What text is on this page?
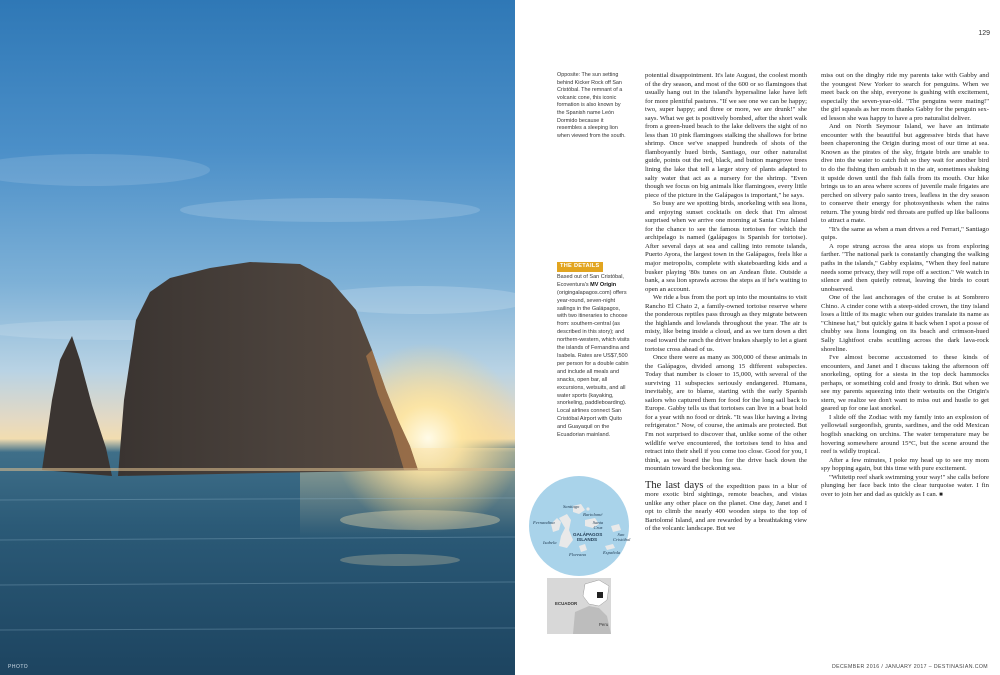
PHOTO
129
Opposite: The sun setting behind Kicker Rock off San Cristóbal. The remnant of a volcanic cone, this iconic formation is also known by the Spanish name León Dormido because it resembles a sleeping lion when viewed from the south.
THE DETAILS
Based out of San Cristóbal, Ecoventura's MV Origin (origingalapagos.com) offers year-round, seven-night sailings in the Galápagos, with two itineraries to choose from: southern-central (as described in this story); and northern-western, which visits the islands of Fernandina and Isabela. Rates are US$7,500 per person for a double cabin and include all meals and snacks, open bar, all excursions, wetsuits, and all water sports (kayaking, snorkeling, paddleboarding). Local airlines connect San Cristóbal Airport with Quito and Guayaquil on the Ecuadorian mainland.
Santiago
Bartolomé
Fernandina	Santa Cruz
GALÁPAGOS ISLANDS
Isabela
San Cristóbal
Floreana	Española
ECUADOR
Peru

potential disappointment. It's late August, the coolest month of the dry season, and most of the 600 or so flamingoes that usually hang out in the island's hypersaline lake have left for more plentiful pastures. "If we see one we can be happy; two, super happy; and three or more, we are drunk!" she says. What we get is positively bombed, after the short walk from a green-hued beach to the lake delivers the sight of no less than 10 pink flamingoes stalking the shallows for brine shrimp. Once we've snapped hundreds of shots of the flamboyantly hued birds, Santiago, our other naturalist guide, points out the red, black, and button mangrove trees lining the lake that tell a larger story of plants adapted to salty water that act as a nursery for the shrimp. "Even though we focus on big animals like flamingoes, every little piece of the picture in the Galápagos is important," he says.

So busy are we spotting birds, snorkeling with sea lions, and enjoying sunset cocktails on deck that I'm almost surprised when we arrive one morning at Santa Cruz Island for the chance to see the famous tortoises for which the archipelago is named (galápagos is Spanish for tortoise). After several days at sea and calling into remote islands, Puerto Ayora, the largest town in the Galápagos, feels like a major metropolis, complete with skateboarding kids and a busker playing '80s tunes on an Andean flute. Outside a bank, a sea lion sprawls across the steps as if he's waiting to open an account.

We ride a bus from the port up into the mountains to visit Rancho El Chato 2, a family-owned tortoise reserve where the ponderous reptiles pass through as they migrate between the highlands and lowlands throughout the year. The air is misty, like being inside a cloud, and as we turn down a dirt road toward the ranch the driver brakes sharply to let a giant tortoise cross ahead of us.

Once there were as many as 300,000 of these animals in the Galápagos, divided among 15 different subspecies. Today that number is closer to 15,000, with several of the surviving 11 subspecies seriously endangered. Humans, inevitably, are to blame, starting with the early Spanish sailors who captured them for food for the long sail back to Europe. Gabby tells us that tortoises can live in a boat hold for a year with no food or drink. "It was like having a living refrigerator." Now, of course, the animals are protected. But I'm not surprised to discover that, unlike some of the other wildlife we've encountered, the tortoises tend to hiss and retract into their shell if you come too close. Good for you, I think, as we board the bus for the drive back down the mountain toward the beckoning sea.

The last days of the expedition pass in a blur of more exotic bird sightings, remote beaches, and vistas unlike any other place on the planet. One day, Janet and I opt to climb the nearly 400 wooden steps to the top of Bartolomé Island, and are rewarded by a breathtaking view of the volcanic landscape. But we

miss out on the dinghy ride my parents take with Gabby and the youngest New Yorker to search for penguins. When we meet back on the ship, everyone is gushing with excitement, especially the seven-year-old. "The penguins were mating!" the girl squeals as her mom thanks Gabby for the penguin sex-ed lesson she was happy to have a pro naturalist deliver.

And on North Seymour Island, we have an intimate encounter with the beautiful but aggressive birds that have been chaperoning the Origin during most of our time at sea. Known as the pirates of the sky, frigate birds are unable to dive into the water to catch fish so they wait for another bird to do the fishing then ambush it in the air, sometimes shaking it upside down until the fish falls from its mouth. Our hike brings us to an area where scores of juvenile male frigates are perched on silvery palo santo trees, leafless in the dry season to conserve their energy for photosynthesis when the rains return. The young birds' red throats are puffed up like balloons to attract a mate.

"It's the same as when a man drives a red Ferrari," Santiago quips.

A rope strung across the area stops us from exploring farther. "The national park is constantly changing the walking paths in the islands," Gabby explains, "When they feel nature needs some privacy, they will rope off a section." We watch in silence and then quietly retreat, leaving the birds to court unobserved.

One of the last anchorages of the cruise is at Sombrero Chino. A cinder cone with a steep-sided crown, the tiny island loses a little of its magic when our guides translate its name as "Chinese hat," but quickly gains it back when I spot a posse of chubby sea lions lounging on its beach and crimson-hued Sally Lightfoot crabs scuttling across the dark lava-rock shoreline.

I've almost become accustomed to these kinds of encounters, and Janet and I discuss taking the afternoon off snorkeling, opting for a siesta in the top deck hammocks perhaps, or something cold and frosty to drink. But when we see my parents squeezing into their wetsuits on the Origin's stern, we realize we don't want to miss out and hustle to get geared up for one last snorkel.

I slide off the Zodiac with my family into an explosion of yellowtail surgeonfish, grunts, sardines, and the odd Mexican hogfish snacking on urchins. The water temperature may be hovering somewhere around 15°C, but the scene around the reef is wildly tropical.

After a few minutes, I poke my head up to see my mom spy hopping again, but this time with pure excitement.

"Whitetip reef shark swimming your way!" she calls before plunging her face back into the clear turquoise water. I fin over to join her and dad as quickly as I can. ■

DECEMBER 2016 / JANUARY 2017 – DESTINASIAN.COM
